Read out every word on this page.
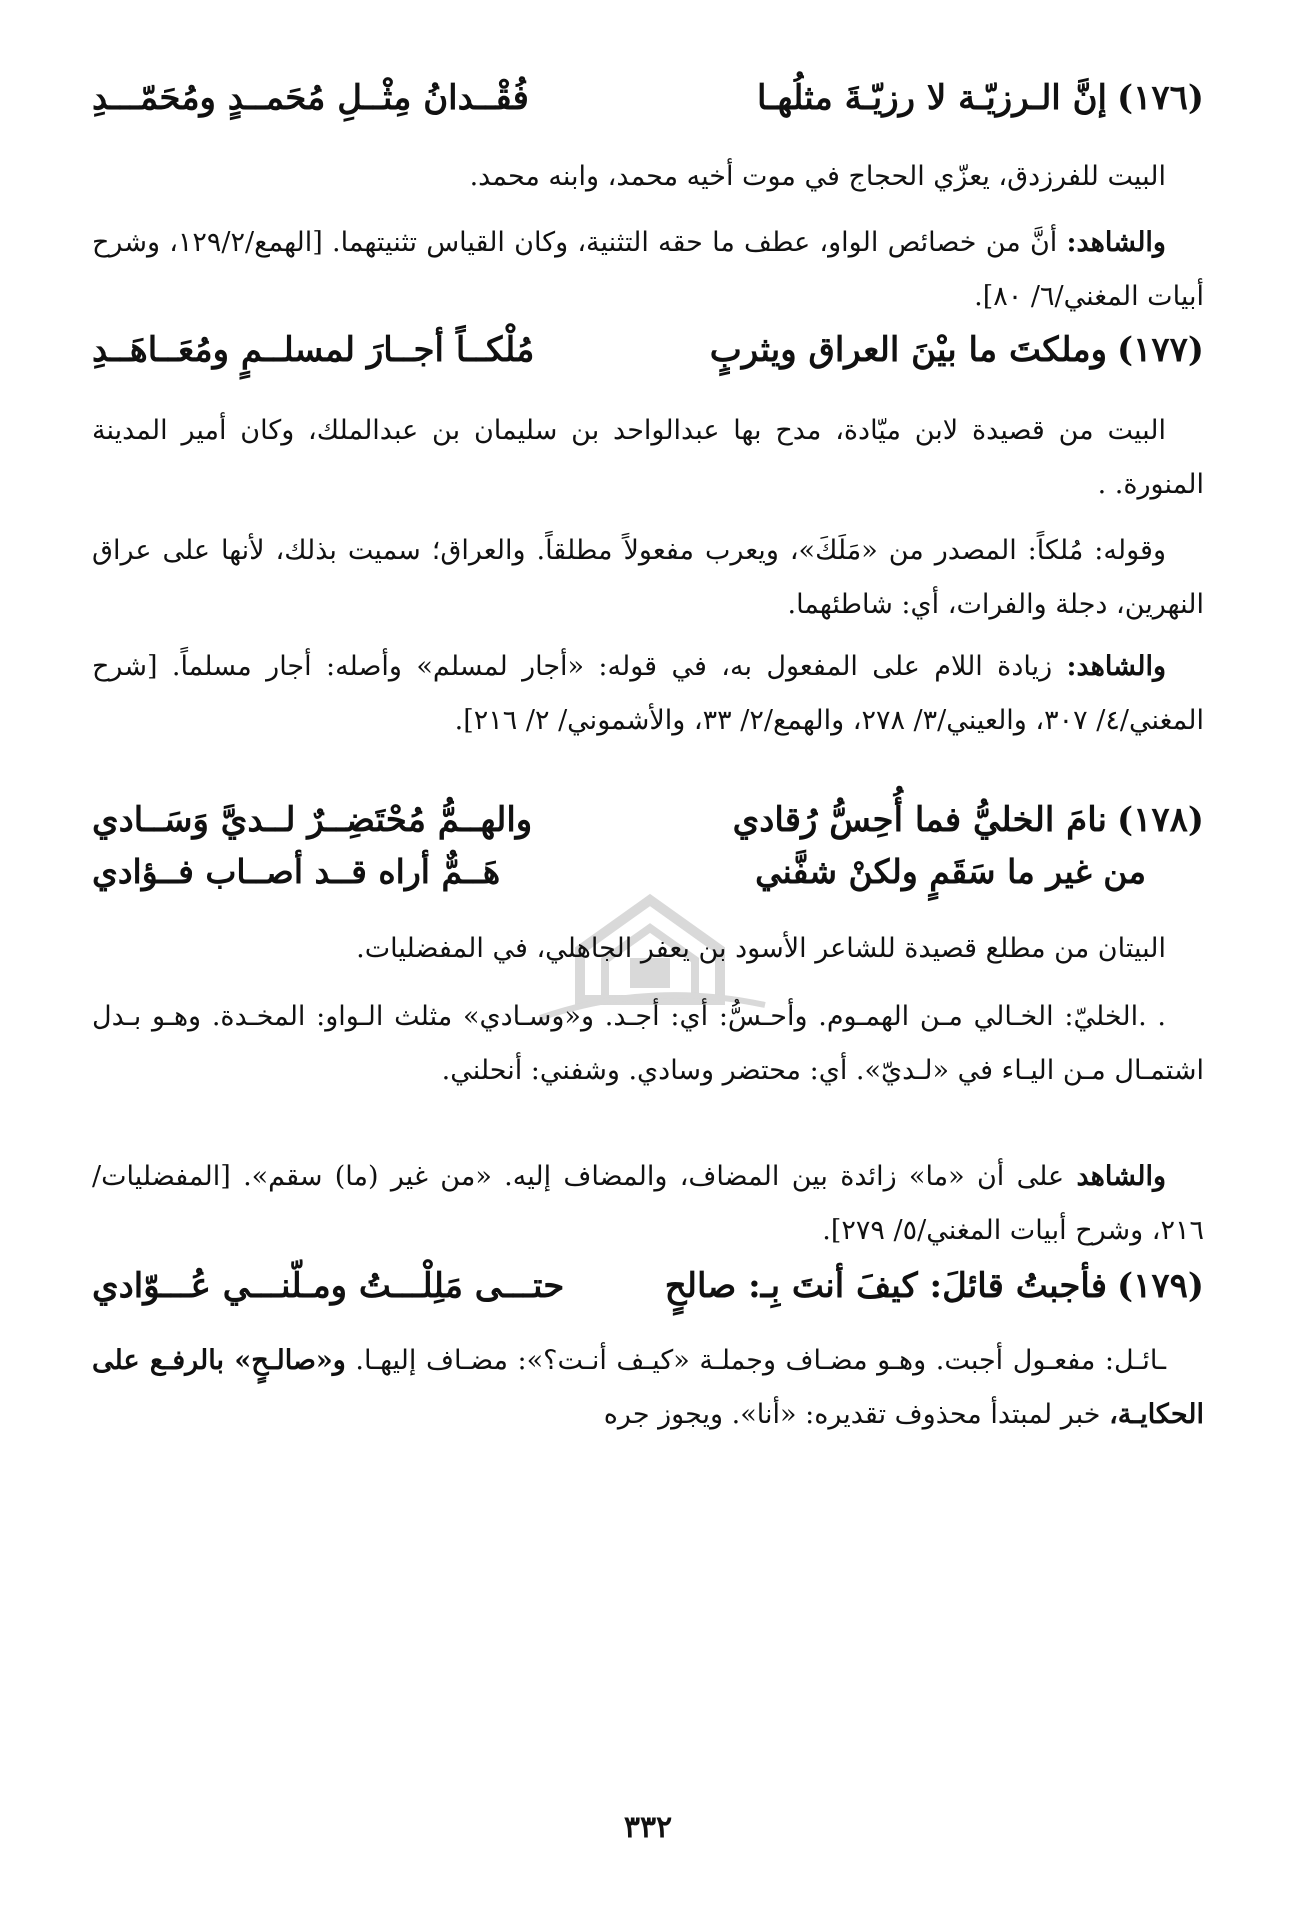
(١٧٦)
إنَّ الـرزيّـة لا رزيّـةَ مثلُهـا
فُقْــدانُ مِثْــلِ مُحَمــدٍ ومُحَمّـــدِ
البيت للفرزدق، يعزّي الحجاج في موت أخيه محمد، وابنه محمد.
والشاهد: أنَّ من خصائص الواو، عطف ما حقه التثنية، وكان القياس تثنيتهما. [الهمع/١٢٩/٢، وشرح أبيات المغني/٦/ ٨٠].
(١٧٧)
وملكتَ ما بيْنَ العراق ويثربٍ
مُلْكــاً أجــارَ لمسلــمٍ ومُعَــاهَــدِ
البيت من قصيدة لابن ميّادة، مدح بها عبدالواحد بن سليمان بن عبدالملك، وكان أمير المدينة المنورة. .
وقوله: مُلكاً: المصدر من «مَلَكَ»، ويعرب مفعولاً مطلقاً. والعراق؛ سميت بذلك، لأنها على عراق النهرين، دجلة والفرات، أي: شاطئهما.
والشاهد: زيادة اللام على المفعول به، في قوله: «أجار لمسلم» وأصله: أجار مسلماً. [شرح المغني/٤/ ٣٠٧، والعيني/٣/ ٢٧٨، والهمع/٢/ ٣٣، والأشموني/ ٢/ ٢١٦].
(١٧٨)
نامَ الخليُّ فما أُحِسُّ رُقادي
والهــمُّ مُحْتَضِــرٌ لــديَّ وَسَــادي
من غير ما سَقَمٍ ولكنْ شفَّني
هَــمٌّ أراه قــد أصــاب فــؤادي
البيتان من مطلع قصيدة للشاعر الأسود بن يعفر الجاهلي، في المفضليات.
. .الخليّ: الخـالي مـن الهمـوم. وأحـسُّ: أي: أجـد. و«وسـادي» مثلث الـواو: المخـدة. وهـو بـدل اشتمـال مـن اليـاء في «لـديّ». أي: محتضر وسادي. وشفني: أنحلني.
والشاهد على أن «ما» زائدة بين المضاف، والمضاف إليه. «من غير (ما) سقم». [المفضليات/٢١٦، وشرح أبيات المغني/٥/ ٢٧٩].
(١٧٩)
فأجبتُ قائلَ: كيفَ أنتَ بِـ: صالحٍ
حتـــى مَلِلْـــتُ ومـلّنـــي عُـــوّادي
ـائـل: مفعـول أجبت. وهـو مضـاف وجملـة «كيـف أنـت؟»: مضـاف إليهـا. و«صالـحٍ» بالرفـع على الحكايـة، خبر لمبتدأ محذوف تقديره: «أنا». ويجوز جره
٣٣٢
